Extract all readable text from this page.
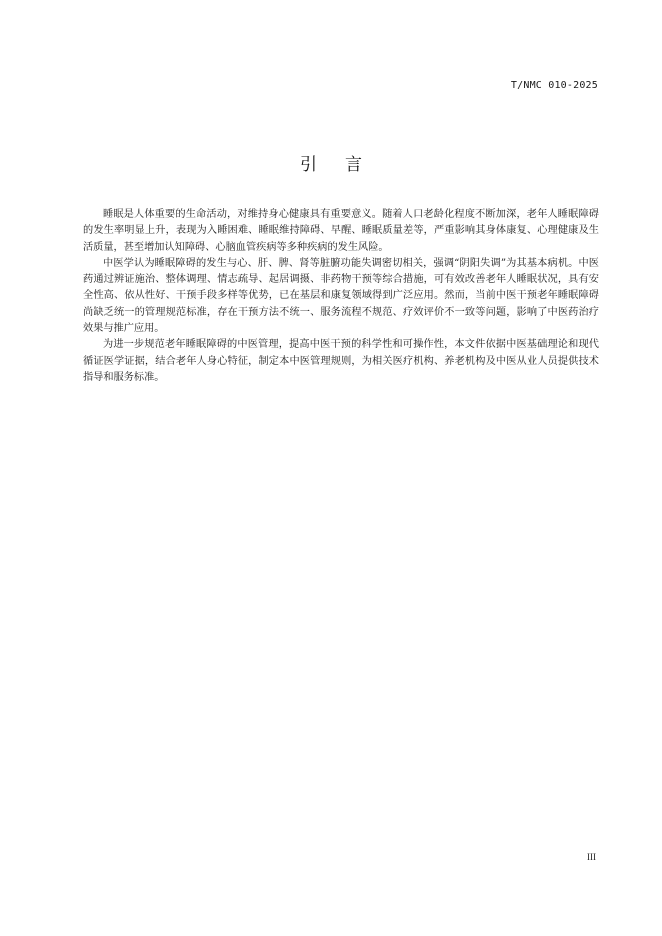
T/NMC 010-2025
引言

睡眠是人体重要的生命活动，对维持身心健康具有重要意义。随着人口老龄化程度不断加深，老年人睡眠障碍的发生率明显上升，表现为入睡困难、睡眠维持障碍、早醒、睡眠质量差等，严重影响其身体康复、心理健康及生活质量，甚至增加认知障碍、心脑血管疾病等多种疾病的发生风险。

中医学认为睡眠障碍的发生与心、肝、脾、肾等脏腑功能失调密切相关，强调“阴阳失调”为其基本病机。中医药通过辨证施治、整体调理、情志疏导、起居调摄、非药物干预等综合措施，可有效改善老年人睡眠状况，具有安全性高、依从性好、干预手段多样等优势，已在基层和康复领域得到广泛应用。然而，当前中医干预老年睡眠障碍尚缺乏统一的管理规范标准，存在干预方法不统一、服务流程不规范、疗效评价不一致等问题，影响了中医药治疗效果与推广应用。

为进一步规范老年睡眠障碍的中医管理，提高中医干预的科学性和可操作性，本文件依据中医基础理论和现代循证医学证据，结合老年人身心特征，制定本中医管理规则，为相关医疗机构、养老机构及中医从业人员提供技术指导和服务标准。

III
